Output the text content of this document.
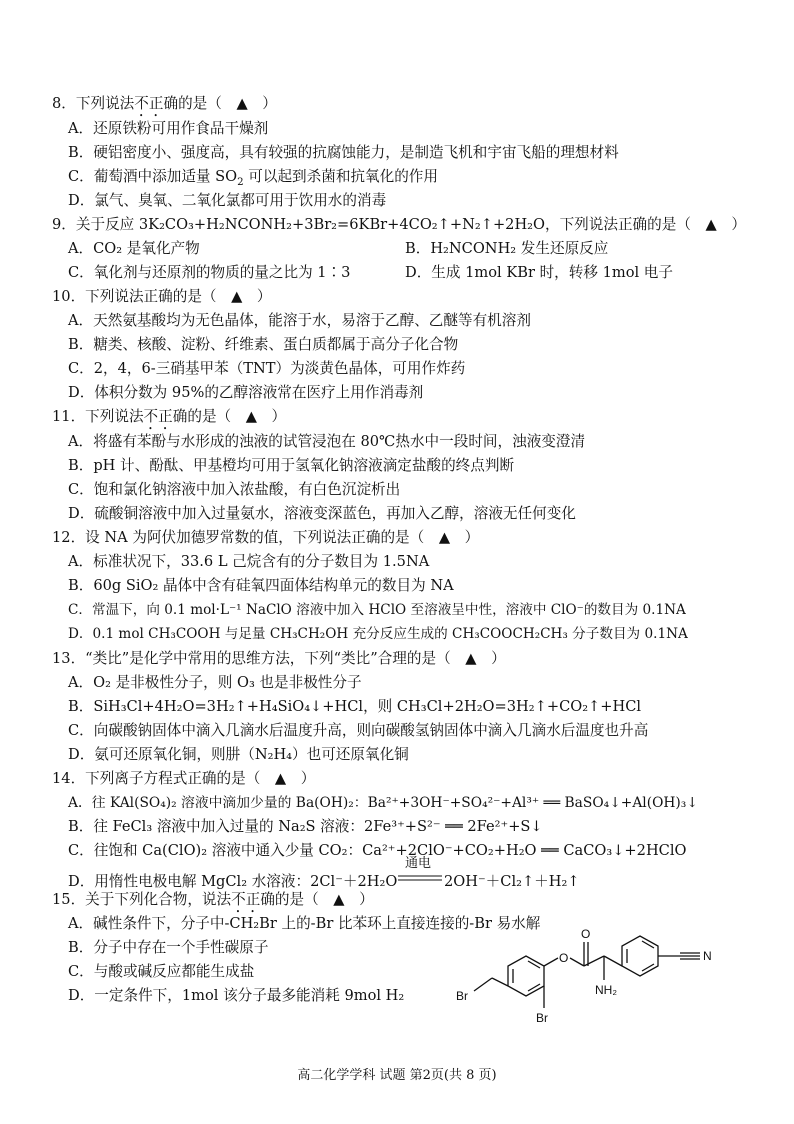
8．下列说法不正确的是（　▲　）
A．还原铁粉可用作食品干燥剂
B．硬铝密度小、强度高，具有较强的抗腐蚀能力，是制造飞机和宇宙飞船的理想材料
C．葡萄酒中添加适量 $SO_2$ 可以起到杀菌和抗氧化的作用
D．氯气、臭氧、二氧化氯都可用于饮用水的消毒
9．关于反应 3K₂CO₃+H₂NCONH₂+3Br₂=6KBr+4CO₂↑+N₂↑+2H₂O，下列说法正确的是（　▲　）
A．CO₂ 是氧化产物	B．H₂NCONH₂ 发生还原反应
C．氧化剂与还原剂的物质的量之比为 1∶3	D．生成 1mol KBr 时，转移 1mol 电子
10．下列说法正确的是（　▲　）
A．天然氨基酸均为无色晶体，能溶于水，易溶于乙醇、乙醚等有机溶剂
B．糖类、核酸、淀粉、纤维素、蛋白质都属于高分子化合物
C．2，4，6-三硝基甲苯（TNT）为淡黄色晶体，可用作炸药
D．体积分数为 95%的乙醇溶液常在医疗上用作消毒剂
11．下列说法不正确的是（　▲　）
A．将盛有苯酚与水形成的浊液的试管浸泡在 80℃热水中一段时间，浊液变澄清
B．pH 计、酚酞、甲基橙均可用于氢氧化钠溶液滴定盐酸的终点判断
C．饱和氯化钠溶液中加入浓盐酸，有白色沉淀析出
D．硫酸铜溶液中加入过量氨水，溶液变深蓝色，再加入乙醇，溶液无任何变化
12．设 NA 为阿伏加德罗常数的值，下列说法正确的是（　▲　）
A．标准状况下，33.6 L 己烷含有的分子数目为 1.5NA
B．60g SiO₂ 晶体中含有硅氧四面体结构单元的数目为 NA
C．常温下，向 0.1 mol·L⁻¹ NaClO 溶液中加入 HClO 至溶液呈中性，溶液中 ClO⁻的数目为 0.1NA
D．0.1 mol CH₃COOH 与足量 CH₃CH₂OH 充分反应生成的 CH₃COOCH₂CH₃ 分子数目为 0.1NA
13．“类比”是化学中常用的思维方法，下列“类比”合理的是（　▲　）
A．O₂ 是非极性分子，则 O₃ 也是非极性分子
B．SiH₃Cl+4H₂O=3H₂↑+H₄SiO₄↓+HCl，则 CH₃Cl+2H₂O=3H₂↑+CO₂↑+HCl
C．向碳酸钠固体中滴入几滴水后温度升高，则向碳酸氢钠固体中滴入几滴水后温度也升高
D．氨可还原氧化铜，则肼（N₂H₄）也可还原氧化铜
14．下列离子方程式正确的是（　▲　）
A．往 KAl(SO₄)₂ 溶液中滴加少量的 Ba(OH)₂：Ba²⁺+3OH⁻+SO₄²⁻+Al³⁺ ══ BaSO₄↓+Al(OH)₃↓
B．往 FeCl₃ 溶液中加入过量的 Na₂S 溶液：2Fe³⁺+S²⁻ ══ 2Fe²⁺+S↓
C．往饱和 Ca(ClO)₂ 溶液中通入少量 CO₂：Ca²⁺+2ClO⁻+CO₂+H₂O ══ CaCO₃↓+2HClO
D．用惰性电极电解 MgCl₂ 水溶液：2Cl⁻＋2H₂O
通电
2OH⁻＋Cl₂↑＋H₂↑
15．关于下列化合物，说法不正确的是（　▲　）
A．碱性条件下，分子中-CH₂Br 上的-Br 比苯环上直接连接的-Br 易水解
B．分子中存在一个手性碳原子
C．与酸或碱反应都能生成盐
D．一定条件下，1mol 该分子最多能消耗 9mol H₂	Br
Br
O
O
NH₂
N
高二化学学科 试题 第2页(共 8 页)
